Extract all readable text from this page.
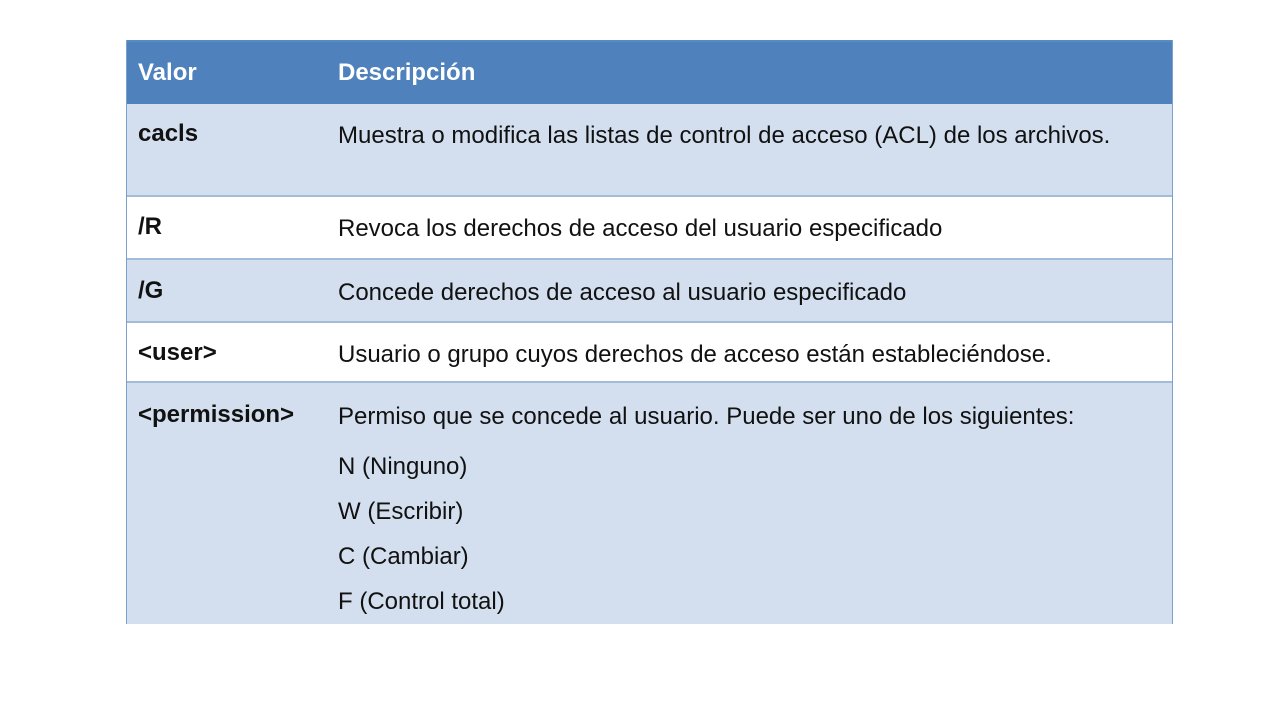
Valor	Descripción
cacls	Muestra o modifica las listas de control de acceso (ACL) de los archivos.
/R	Revoca los derechos de acceso del usuario especificado
/G	Concede derechos de acceso al usuario especificado
<user>	Usuario o grupo cuyos derechos de acceso están estableciéndose.
<permission>	Permiso que se concede al usuario. Puede ser uno de los siguientes:
N (Ninguno)
W (Escribir)
C (Cambiar)
F (Control total)
